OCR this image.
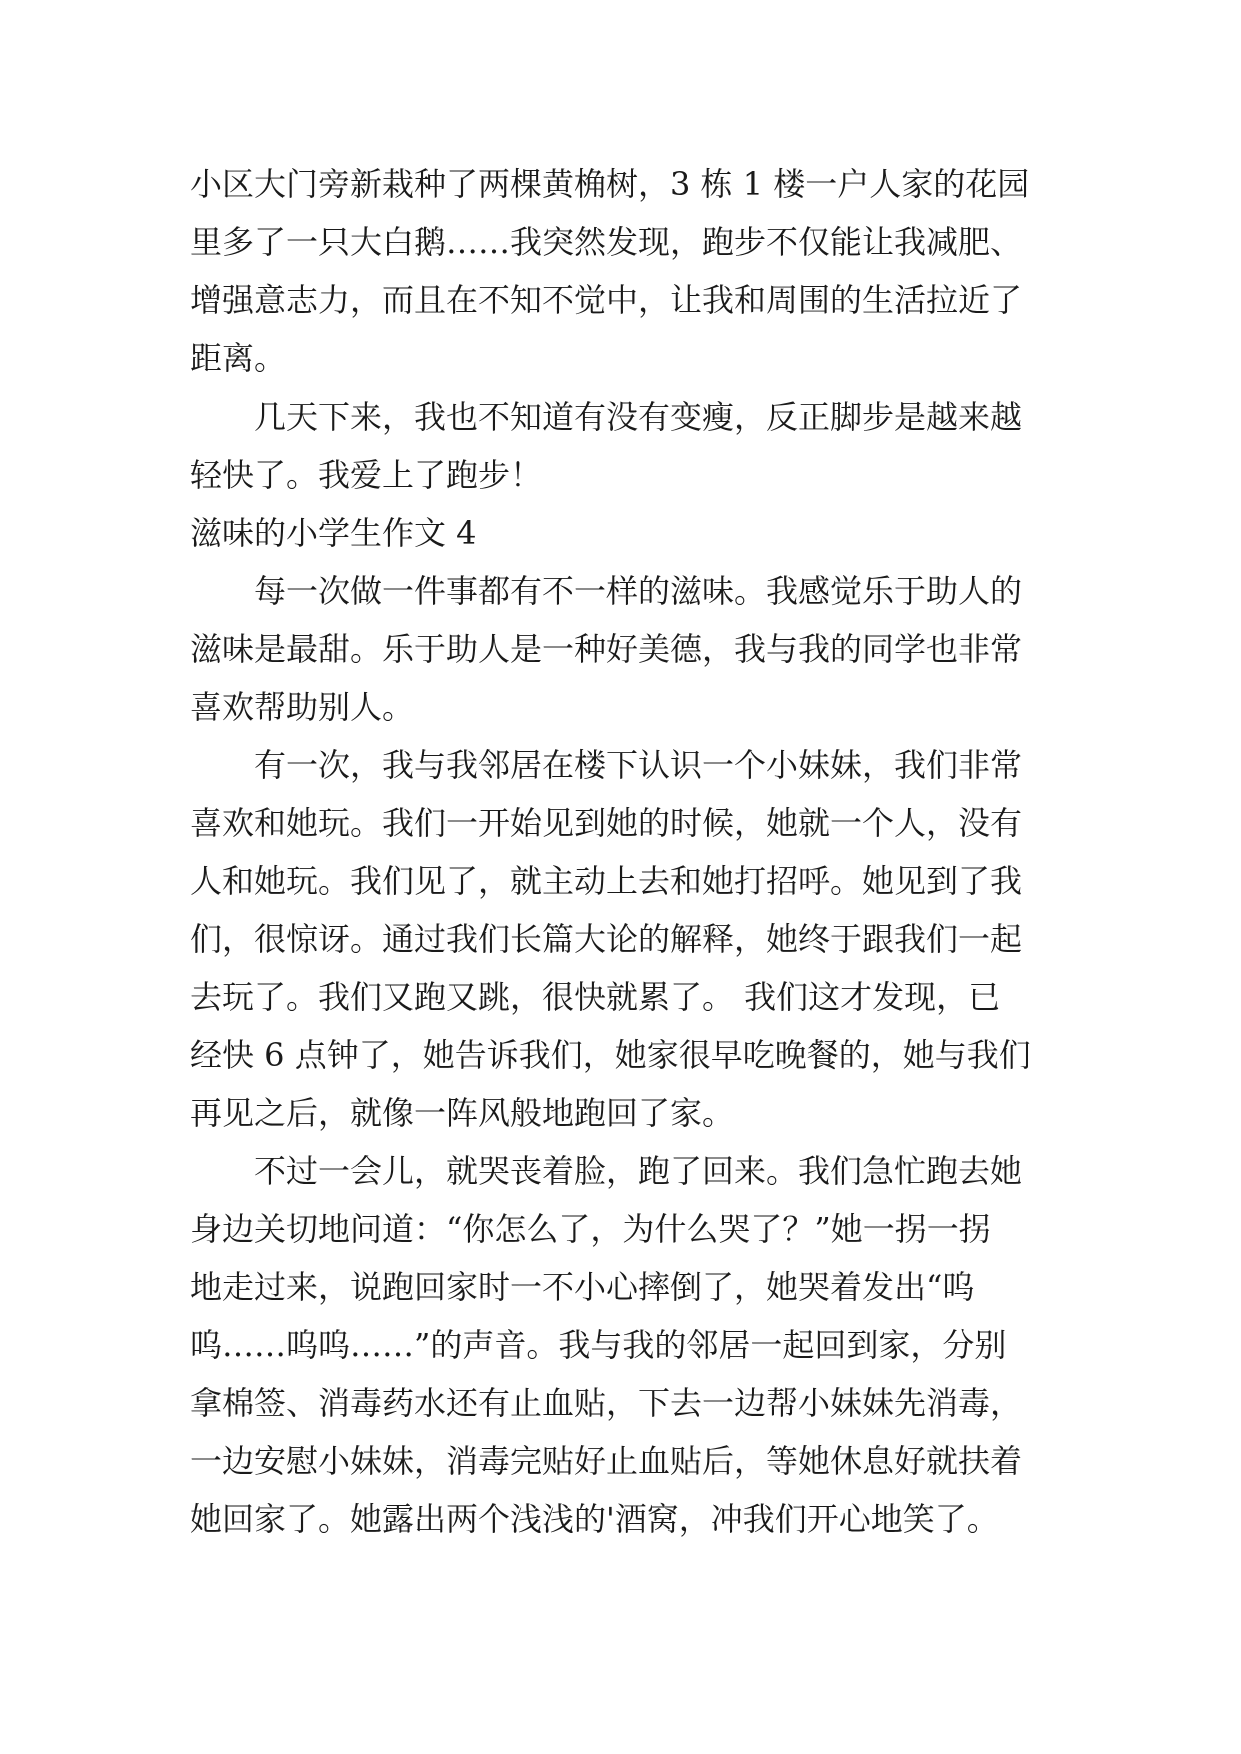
小区大门旁新栽种了两棵黄桷树，3 栋 1 楼一户人家的花园
里多了一只大白鹅……我突然发现，跑步不仅能让我减肥、
增强意志力，而且在不知不觉中，让我和周围的生活拉近了
距离。
几天下来，我也不知道有没有变瘦，反正脚步是越来越
轻快了。我爱上了跑步！
滋味的小学生作文 4
每一次做一件事都有不一样的滋味。我感觉乐于助人的
滋味是最甜。乐于助人是一种好美德，我与我的同学也非常
喜欢帮助别人。
有一次，我与我邻居在楼下认识一个小妹妹，我们非常
喜欢和她玩。我们一开始见到她的时候，她就一个人，没有
人和她玩。我们见了，就主动上去和她打招呼。她见到了我
们，很惊讶。通过我们长篇大论的解释，她终于跟我们一起
去玩了。我们又跑又跳，很快就累了。 我们这才发现，已
经快 6 点钟了，她告诉我们，她家很早吃晚餐的，她与我们
再见之后，就像一阵风般地跑回了家。
不过一会儿，就哭丧着脸，跑了回来。我们急忙跑去她
身边关切地问道：“你怎么了，为什么哭了？”她一拐一拐
地走过来，说跑回家时一不小心摔倒了，她哭着发出“呜
呜……呜呜……”的声音。我与我的邻居一起回到家，分别
拿棉签、消毒药水还有止血贴，下去一边帮小妹妹先消毒，
一边安慰小妹妹，消毒完贴好止血贴后，等她休息好就扶着
她回家了。她露出两个浅浅的'酒窝，冲我们开心地笑了。
